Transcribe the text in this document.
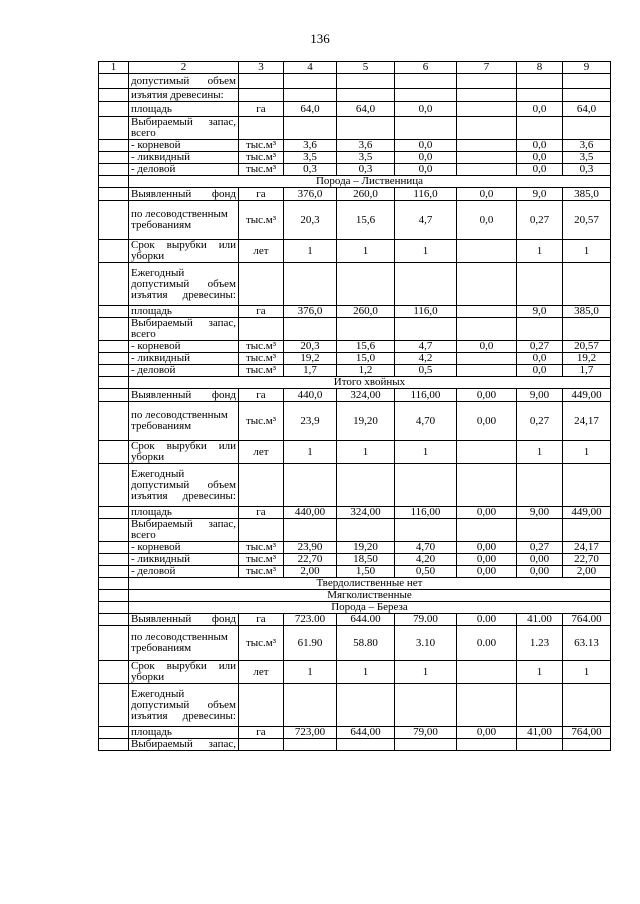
136
1	2	3	4	5	6	7	8	9
	допустимый объем							
	изъятия древесины:							
	площадь	га	64,0	64,0	0,0		0,0	64,0
	Выбираемый запас, всего							
	- корневой	тыс.м³	3,6	3,6	0,0		0,0	3,6
	- ликвидный	тыс.м³	3,5	3,5	0,0		0,0	3,5
	- деловой	тыс.м³	0,3	0,3	0,0		0,0	0,3
	Порода – Лиственница							
	Выявленный фонд	га	376,0	260,0	116,0	0,0	9,0	385,0
	по лесоводственным требованиям	тыс.м³	20,3	15,6	4,7	0,0	0,27	20,57
	Срок вырубки или уборки	лет	1	1	1		1	1
	Ежегодный допустимый объем изъятия древесины:							
	площадь	га	376,0	260,0	116,0		9,0	385,0
	Выбираемый запас, всего							
	- корневой	тыс.м³	20,3	15,6	4,7	0,0	0,27	20,57
	- ликвидный	тыс.м³	19,2	15,0	4,2		0,0	19,2
	- деловой	тыс.м³	1,7	1,2	0,5		0,0	1,7
	Итого хвойных							
	Выявленный фонд	га	440,0	324,00	116,00	0,00	9,00	449,00
	по лесоводственным требованиям	тыс.м³	23,9	19,20	4,70	0,00	0,27	24,17
	Срок вырубки или уборки	лет	1	1	1		1	1
	Ежегодный допустимый объем изъятия древесины:							
	площадь	га	440,00	324,00	116,00	0,00	9,00	449,00
	Выбираемый запас, всего							
	- корневой	тыс.м³	23,90	19,20	4,70	0,00	0,27	24,17
	- ликвидный	тыс.м³	22,70	18,50	4,20	0,00	0,00	22,70
	- деловой	тыс.м³	2,00	1,50	0,50	0,00	0,00	2,00
	Твердолиственные нет							
	Мягколиственные							
	Порода – Береза							
	Выявленный фонд	га	723.00	644.00	79.00	0.00	41.00	764.00
	по лесоводственным требованиям	тыс.м³	61.90	58.80	3.10	0.00	1.23	63.13
	Срок вырубки или уборки	лет	1	1	1		1	1
	Ежегодный допустимый объем изъятия древесины:							
	площадь	га	723,00	644,00	79,00	0,00	41,00	764,00
	Выбираемый запас,							
